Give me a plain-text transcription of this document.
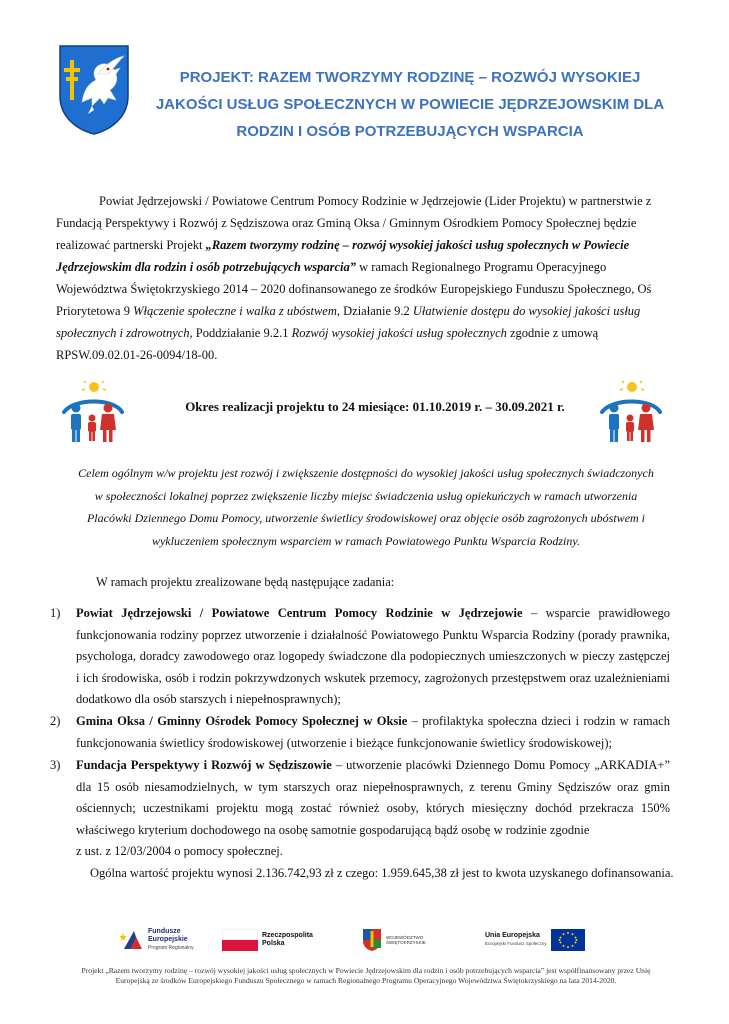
PROJEKT: RAZEM TWORZYMY RODZINĘ – ROZWÓJ WYSOKIEJ
JAKOŚCI USŁUG SPOŁECZNYCH W POWIECIE JĘDRZEJOWSKIM DLA
RODZIN I OSÓB POTRZEBUJĄCYCH WSPARCIA
Powiat Jędrzejowski / Powiatowe Centrum Pomocy Rodzinie w Jędrzejowie (Lider Projektu) w partnerstwie z Fundacją Perspektywy i Rozwój z Sędziszowa oraz Gminą Oksa / Gminnym Ośrodkiem Pomocy Społecznej będzie realizować partnerski Projekt „Razem tworzymy rodzinę – rozwój wysokiej jakości usług społecznych w Powiecie Jędrzejowskim dla rodzin i osób potrzebujących wsparcia” w ramach Regionalnego Programu Operacyjnego Województwa Świętokrzyskiego 2014 – 2020 dofinansowanego ze środków Europejskiego Funduszu Społecznego, Oś Priorytetowa 9 Włączenie społeczne i walka z ubóstwem, Działanie 9.2 Ułatwienie dostępu do wysokiej jakości usług społecznych i zdrowotnych, Poddziałanie 9.2.1 Rozwój wysokiej jakości usług społecznych zgodnie z umową RPSW.09.02.01-26-0094/18-00.
Okres realizacji projektu to 24 miesiące: 01.10.2019 r. – 30.09.2021 r.
Celem ogólnym w/w projektu jest rozwój i zwiększenie dostępności do wysokiej jakości usług społecznych świadczonych w społeczności lokalnej poprzez zwiększenie liczby miejsc świadczenia usług opiekuńczych w ramach utworzenia Placówki Dziennego Domu Pomocy, utworzenie świetlicy środowiskowej oraz objęcie osób zagrożonych ubóstwem i wykluczeniem społecznym wsparciem w ramach Powiatowego Punktu Wsparcia Rodziny.
W ramach projektu zrealizowane będą następujące zadania:
1) Powiat Jędrzejowski / Powiatowe Centrum Pomocy Rodzinie w Jędrzejowie – wsparcie prawidłowego funkcjonowania rodziny poprzez utworzenie i działalność Powiatowego Punktu Wsparcia Rodziny (porady prawnika, psychologa, doradcy zawodowego oraz logopedy świadczone dla podopiecznych umieszczonych w pieczy zastępczej i ich środowiska, osób i rodzin pokrzywdzonych wskutek przemocy, zagrożonych przestępstwem oraz uzależnieniami dodatkowo dla osób starszych i niepełnosprawnych);
2) Gmina Oksa / Gminny Ośrodek Pomocy Społecznej w Oksie – profilaktyka społeczna dzieci i rodzin w ramach funkcjonowania świetlicy środowiskowej (utworzenie i bieżące funkcjonowanie świetlicy środowiskowej);
3) Fundacja Perspektywy i Rozwój w Sędziszowie – utworzenie placówki Dziennego Domu Pomocy „ARKADIA+” dla 15 osób niesamodzielnych, w tym starszych oraz niepełnosprawnych, z terenu Gminy Sędziszów oraz gmin ościennych; uczestnikami projektu mogą zostać również osoby, których miesięczny dochód przekracza 150% właściwego kryterium dochodowego na osobę samotnie gospodarującą bądź osobę w rodzinie zgodnie
z ust. z 12/03/2004 o pomocy społecznej.
Ogólna wartość projektu wynosi 2.136.742,93 zł z czego: 1.959.645,38 zł jest to kwota uzyskanego dofinansowania.
Fundusze
Europejskie
Program Regionalny
Rzeczpospolita
Polska
WOJEWÓDZTWO
ŚWIĘTOKRZYSKIE
Unia Europejska
Europejski Fundusz Społeczny
Projekt „Razem tworzymy rodzinę – rozwój wysokiej jakości usług społecznych w Powiecie Jędrzejowskim dla rodzin i osób potrzebujących wsparcia” jest współfinansowany przez Unię
Europejską ze środków Europejskiego Funduszu Społecznego w ramach Regionalnego Programu Operacyjnego Województwa Świętokrzyskiego na lata 2014-2020.
